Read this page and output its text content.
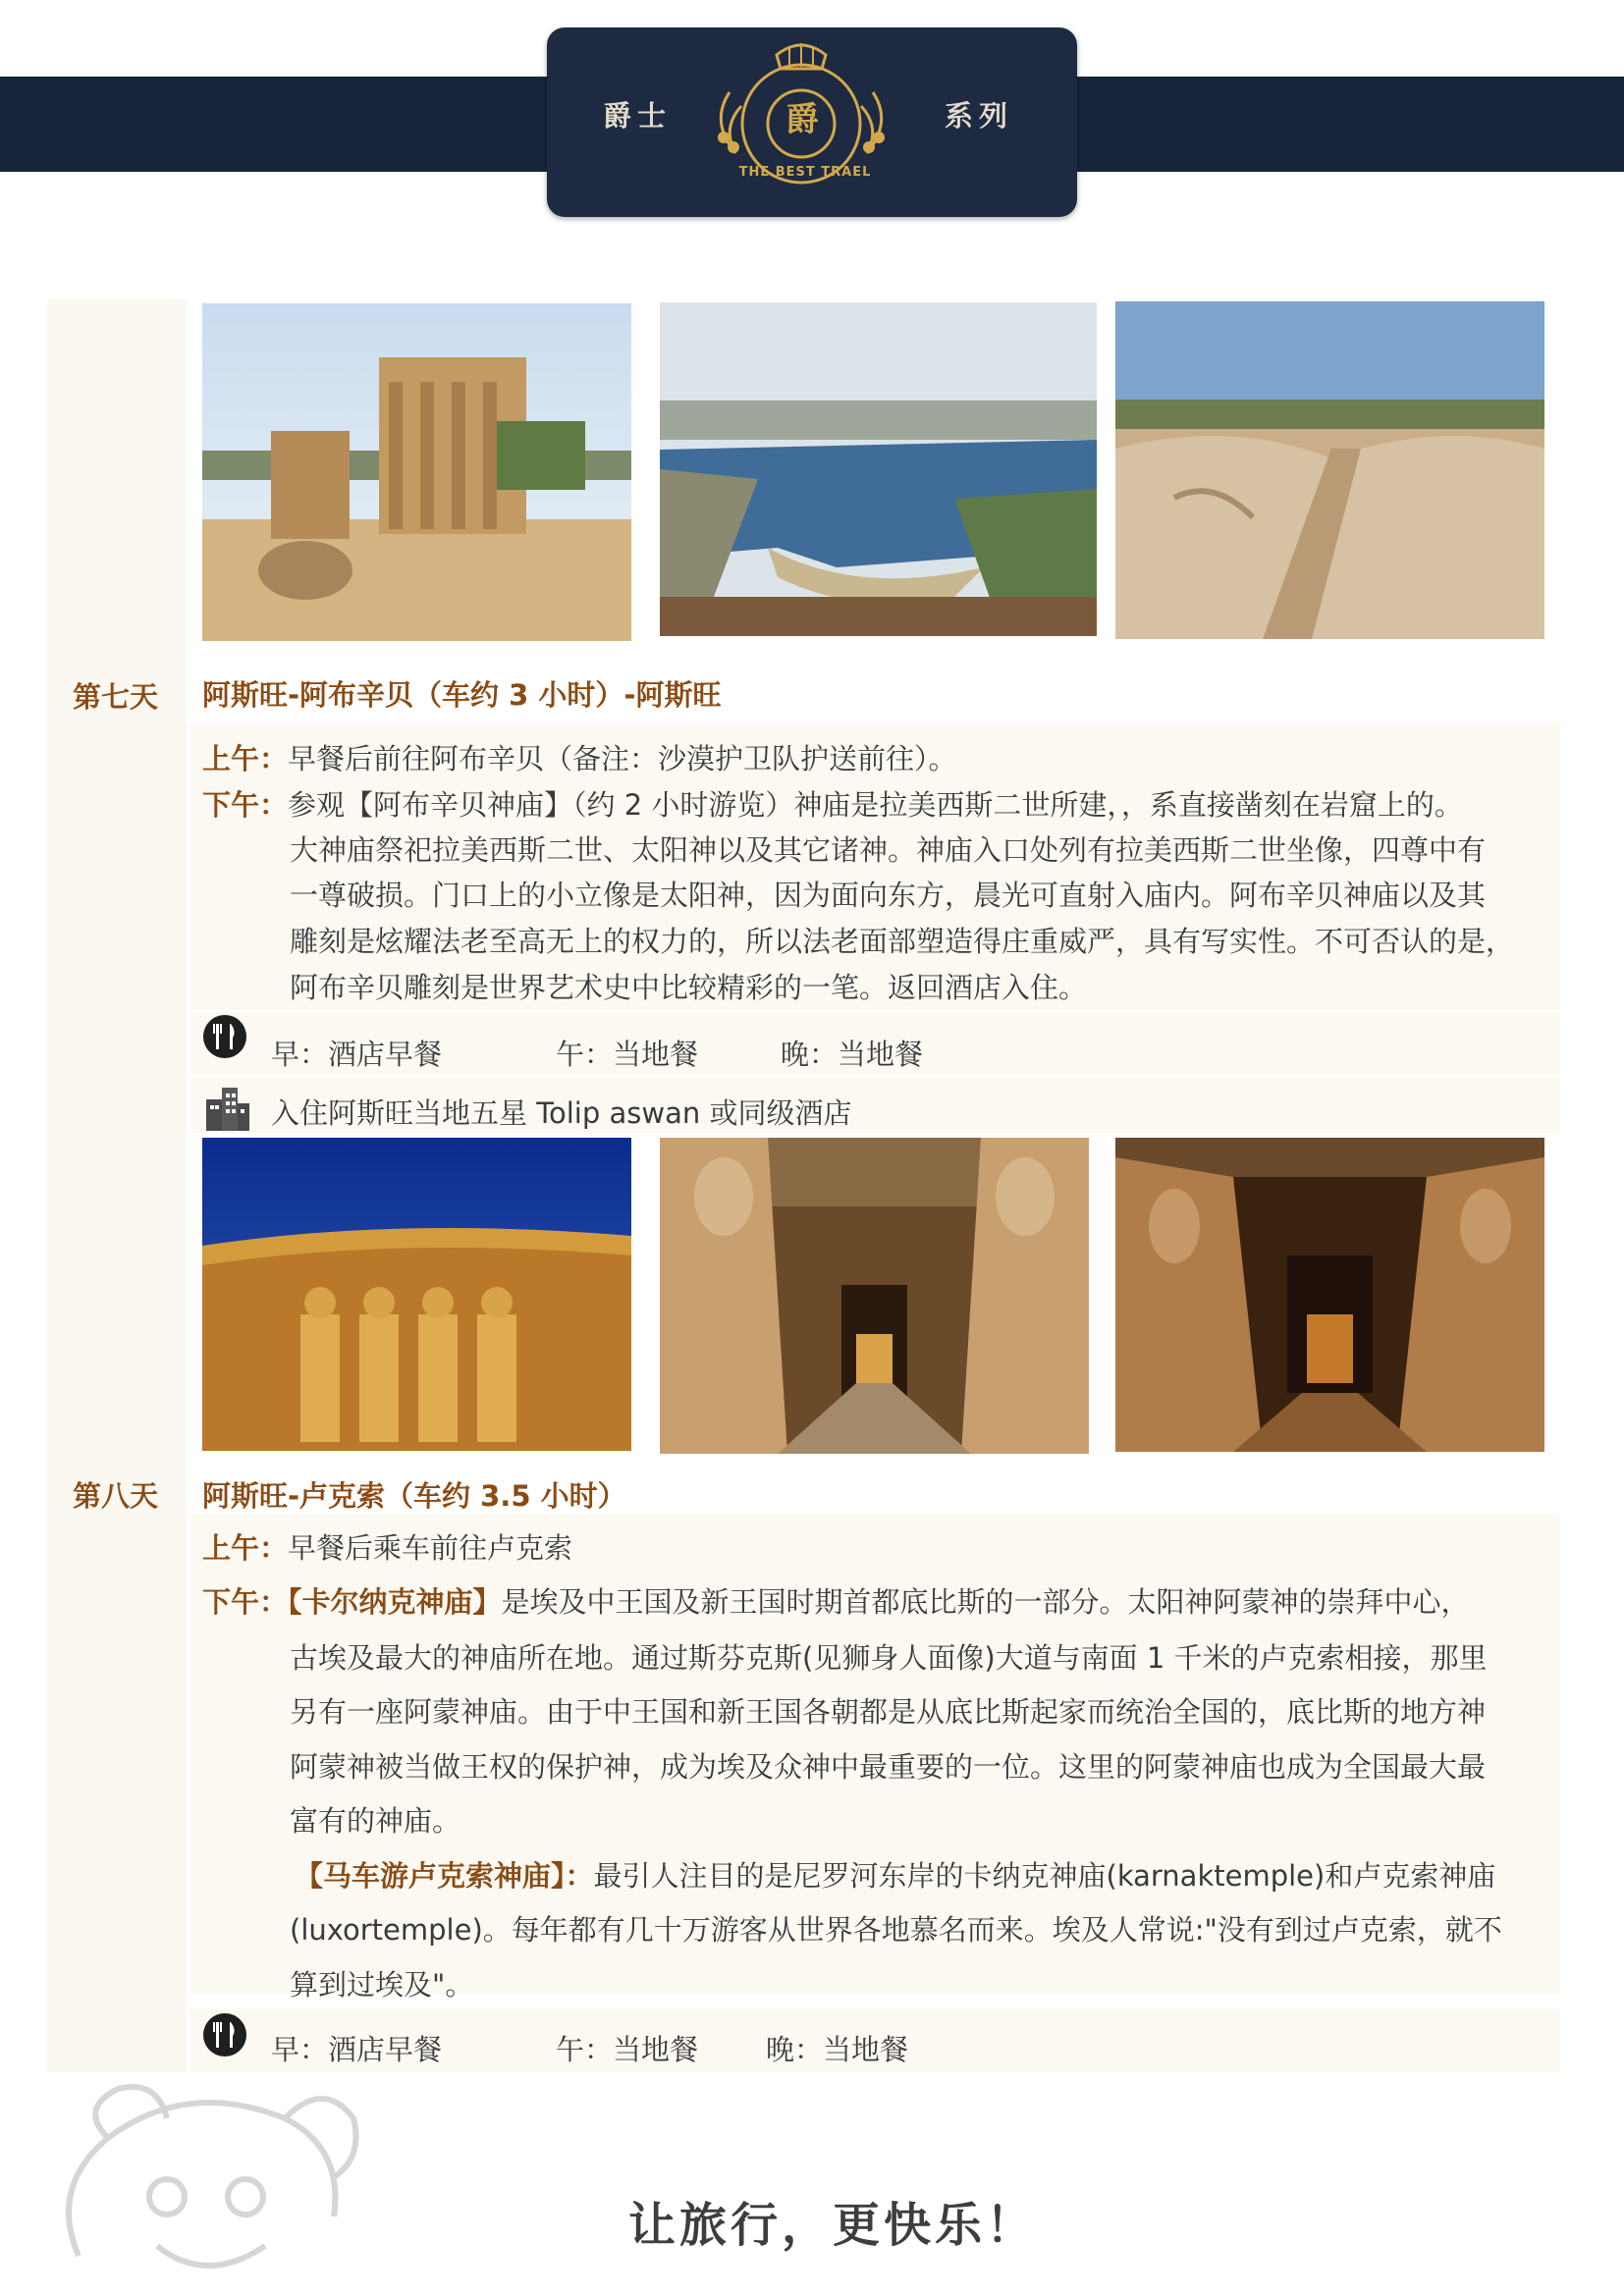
爵士	系列
爵
THE BEST TRAEL
第七天 阿斯旺-阿布辛贝（车约 3 小时）-阿斯旺
上午：早餐后前往阿布辛贝（备注：沙漠护卫队护送前往）。
下午：参观【阿布辛贝神庙】（约 2 小时游览）神庙是拉美西斯二世所建，，系直接凿刻在岩窟上的。
大神庙祭祀拉美西斯二世、太阳神以及其它诸神。神庙入口处列有拉美西斯二世坐像，四尊中有
一尊破损。门口上的小立像是太阳神，因为面向东方，晨光可直射入庙内。阿布辛贝神庙以及其
雕刻是炫耀法老至高无上的权力的，所以法老面部塑造得庄重威严，具有写实性。不可否认的是，
阿布辛贝雕刻是世界艺术史中比较精彩的一笔。返回酒店入住。
早：酒店早餐	午：当地餐	晚：当地餐
入住阿斯旺当地五星 Tolip aswan 或同级酒店
第八天 阿斯旺-卢克索（车约 3.5 小时）
上午：早餐后乘车前往卢克索
下午：【卡尔纳克神庙】是埃及中王国及新王国时期首都底比斯的一部分。太阳神阿蒙神的崇拜中心，
古埃及最大的神庙所在地。通过斯芬克斯(见狮身人面像)大道与南面 1 千米的卢克索相接，那里
另有一座阿蒙神庙。由于中王国和新王国各朝都是从底比斯起家而统治全国的，底比斯的地方神
阿蒙神被当做王权的保护神，成为埃及众神中最重要的一位。这里的阿蒙神庙也成为全国最大最
富有的神庙。
【马车游卢克索神庙】：最引人注目的是尼罗河东岸的卡纳克神庙(karnaktemple)和卢克索神庙
(luxortemple)。每年都有几十万游客从世界各地慕名而来。埃及人常说:"没有到过卢克索，就不
算到过埃及"。
早：酒店早餐	午：当地餐 晚：当地餐
让旅行，更快乐！
